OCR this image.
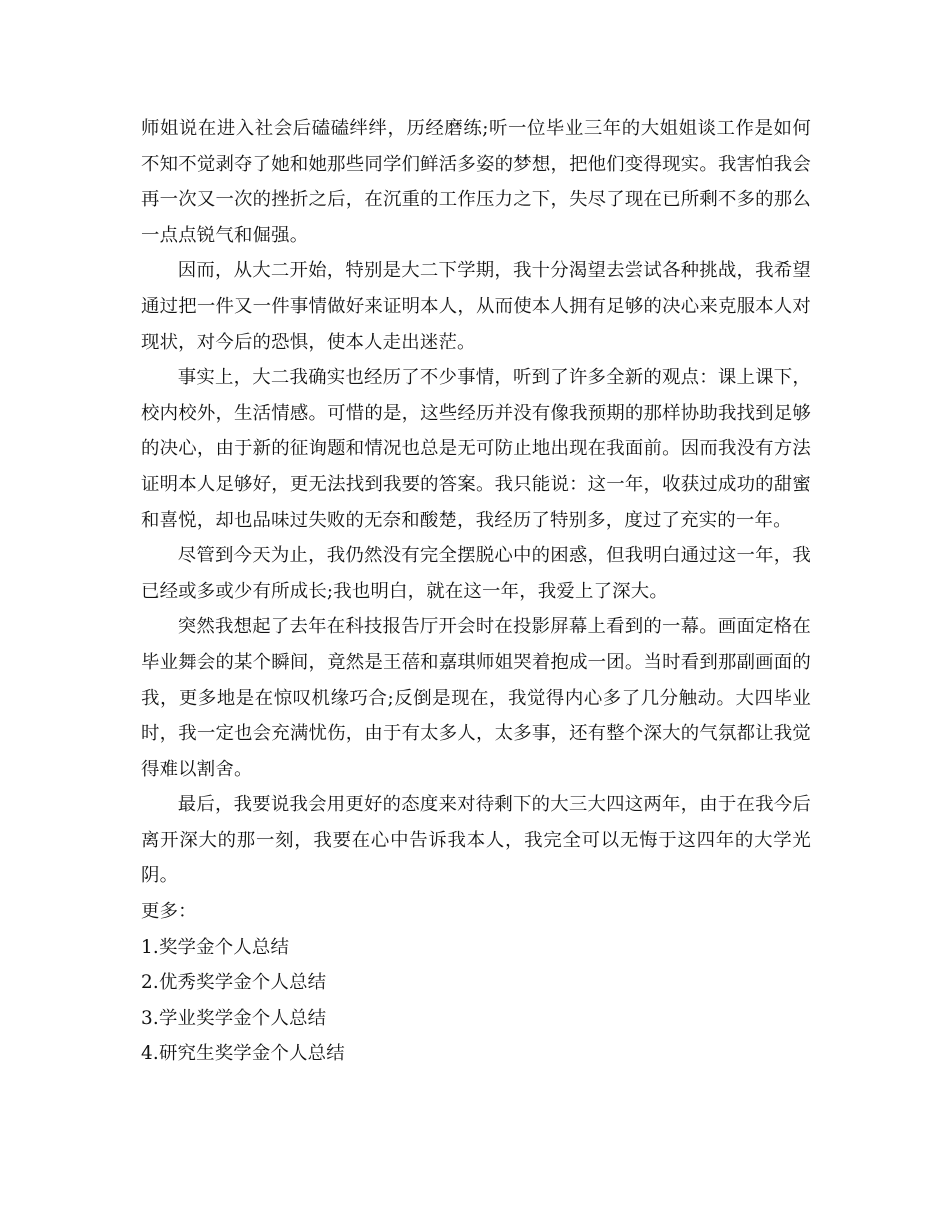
师姐说在进入社会后磕磕绊绊，历经磨练;听一位毕业三年的大姐姐谈工作是如何不知不觉剥夺了她和她那些同学们鲜活多姿的梦想，把他们变得现实。我害怕我会再一次又一次的挫折之后，在沉重的工作压力之下，失尽了现在已所剩不多的那么一点点锐气和倔强。

因而，从大二开始，特别是大二下学期，我十分渴望去尝试各种挑战，我希望通过把一件又一件事情做好来证明本人，从而使本人拥有足够的决心来克服本人对现状，对今后的恐惧，使本人走出迷茫。

事实上，大二我确实也经历了不少事情，听到了许多全新的观点：课上课下，校内校外，生活情感。可惜的是，这些经历并没有像我预期的那样协助我找到足够的决心，由于新的征询题和情况也总是无可防止地出现在我面前。因而我没有方法证明本人足够好，更无法找到我要的答案。我只能说：这一年，收获过成功的甜蜜和喜悦，却也品味过失败的无奈和酸楚，我经历了特别多，度过了充实的一年。

尽管到今天为止，我仍然没有完全摆脱心中的困惑，但我明白通过这一年，我已经或多或少有所成长;我也明白，就在这一年，我爱上了深大。

突然我想起了去年在科技报告厅开会时在投影屏幕上看到的一幕。画面定格在毕业舞会的某个瞬间，竟然是王蓓和嘉琪师姐哭着抱成一团。当时看到那副画面的我，更多地是在惊叹机缘巧合;反倒是现在，我觉得内心多了几分触动。大四毕业时，我一定也会充满忧伤，由于有太多人，太多事，还有整个深大的气氛都让我觉得难以割舍。

最后，我要说我会用更好的态度来对待剩下的大三大四这两年，由于在我今后离开深大的那一刻，我要在心中告诉我本人，我完全可以无悔于这四年的大学光阴。

更多：

1.奖学金个人总结

2.优秀奖学金个人总结

3.学业奖学金个人总结

4.研究生奖学金个人总结
